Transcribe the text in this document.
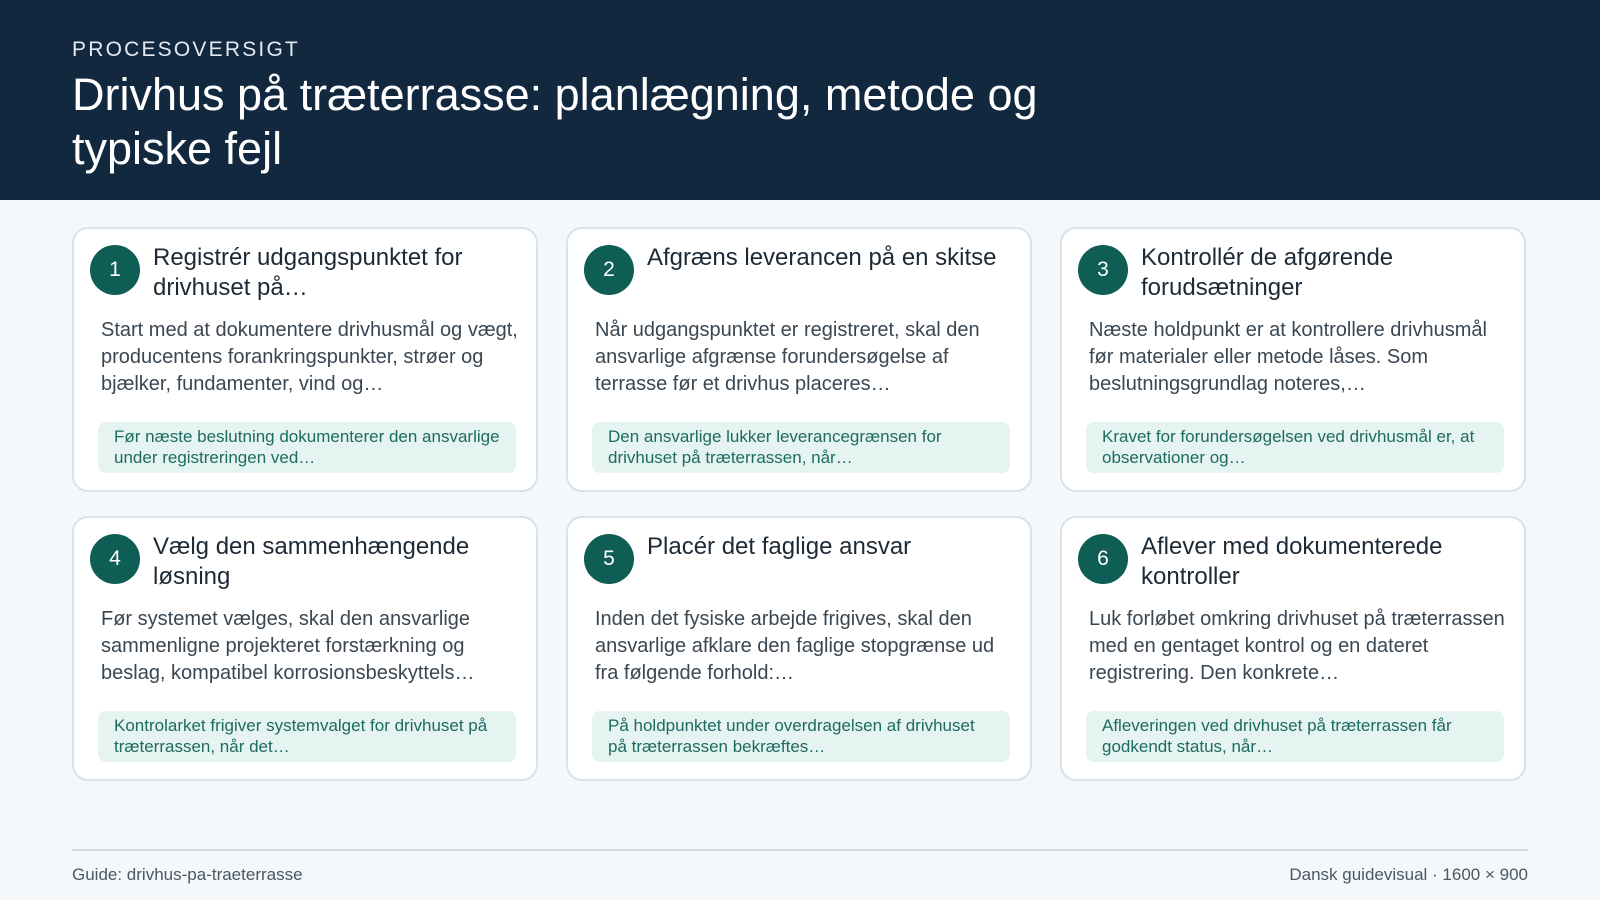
PROCESOVERSIGT
Drivhus på træterrasse: planlægning, metode og typiske fejl
1	Registrér udgangspunktet for drivhuset på…
Start med at dokumentere drivhusmål og vægt, producentens forankringspunkter, strøer og bjælker, fundamenter, vind og…
Før næste beslutning dokumenterer den ansvarlige under registreringen ved…
2	Afgræns leverancen på en skitse
Når udgangspunktet er registreret, skal den ansvarlige afgrænse forundersøgelse af terrasse før et drivhus placeres…
Den ansvarlige lukker leverancegrænsen for drivhuset på træterrassen, når…
3	Kontrollér de afgørende forudsætninger
Næste holdpunkt er at kontrollere drivhusmål før materialer eller metode låses. Som beslutningsgrundlag noteres,…
Kravet for forundersøgelsen ved drivhusmål er, at observationer og…
4	Vælg den sammenhængende løsning
Før systemet vælges, skal den ansvarlige sammenligne projekteret forstærkning og beslag, kompatibel korrosionsbeskyttels…
Kontrolarket frigiver systemvalget for drivhuset på træterrassen, når det…
5	Placér det faglige ansvar
Inden det fysiske arbejde frigives, skal den ansvarlige afklare den faglige stopgrænse ud fra følgende forhold:…
På holdpunktet under overdragelsen af drivhuset på træterrassen bekræftes…
6	Aflever med dokumenterede kontroller
Luk forløbet omkring drivhuset på træterrassen med en gentaget kontrol og en dateret registrering. Den konkrete…
Afleveringen ved drivhuset på træterrassen får godkendt status, når…
Guide: drivhus-pa-traeterrasse	Dansk guidevisual · 1600 × 900
